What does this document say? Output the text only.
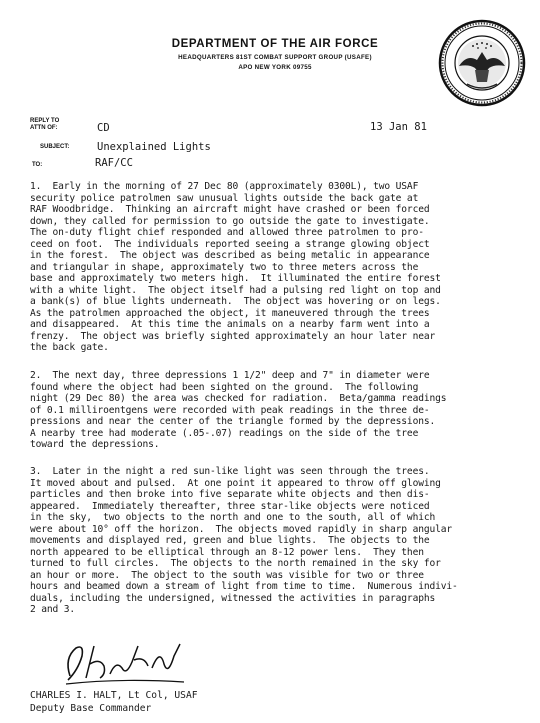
DEPARTMENT OF THE AIR FORCE
HEADQUARTERS 81ST COMBAT SUPPORT GROUP (USAFE)
APO NEW YORK 09755
REPLY TO
ATTN OF:	CD	13 Jan 81
SUBJECT:	Unexplained Lights
TO:	RAF/CC
1.  Early in the morning of 27 Dec 80 (approximately 0300L), two USAF
security police patrolmen saw unusual lights outside the back gate at
RAF Woodbridge.  Thinking an aircraft might have crashed or been forced
down, they called for permission to go outside the gate to investigate.
The on-duty flight chief responded and allowed three patrolmen to pro-
ceed on foot.  The individuals reported seeing a strange glowing object
in the forest.  The object was described as being metalic in appearance
and triangular in shape, approximately two to three meters across the
base and approximately two meters high.  It illuminated the entire forest
with a white light.  The object itself had a pulsing red light on top and
a bank(s) of blue lights underneath.  The object was hovering or on legs.
As the patrolmen approached the object, it maneuvered through the trees
and disappeared.  At this time the animals on a nearby farm went into a
frenzy.  The object was briefly sighted approximately an hour later near
the back gate.
2.  The next day, three depressions 1 1/2" deep and 7" in diameter were
found where the object had been sighted on the ground.  The following
night (29 Dec 80) the area was checked for radiation.  Beta/gamma readings
of 0.1 milliroentgens were recorded with peak readings in the three de-
pressions and near the center of the triangle formed by the depressions.
A nearby tree had moderate (.05-.07) readings on the side of the tree
toward the depressions.
3.  Later in the night a red sun-like light was seen through the trees.
It moved about and pulsed.  At one point it appeared to throw off glowing
particles and then broke into five separate white objects and then dis-
appeared.  Immediately thereafter, three star-like objects were noticed
in the sky,  two objects to the north and one to the south, all of which
were about 10° off the horizon.  The objects moved rapidly in sharp angular
movements and displayed red, green and blue lights.  The objects to the
north appeared to be elliptical through an 8-12 power lens.  They then
turned to full circles.  The objects to the north remained in the sky for
an hour or more.  The object to the south was visible for two or three
hours and beamed down a stream of light from time to time.  Numerous indivi-
duals, including the undersigned, witnessed the activities in paragraphs
2 and 3.
CHARLES I. HALT, Lt Col, USAF
Deputy Base Commander
